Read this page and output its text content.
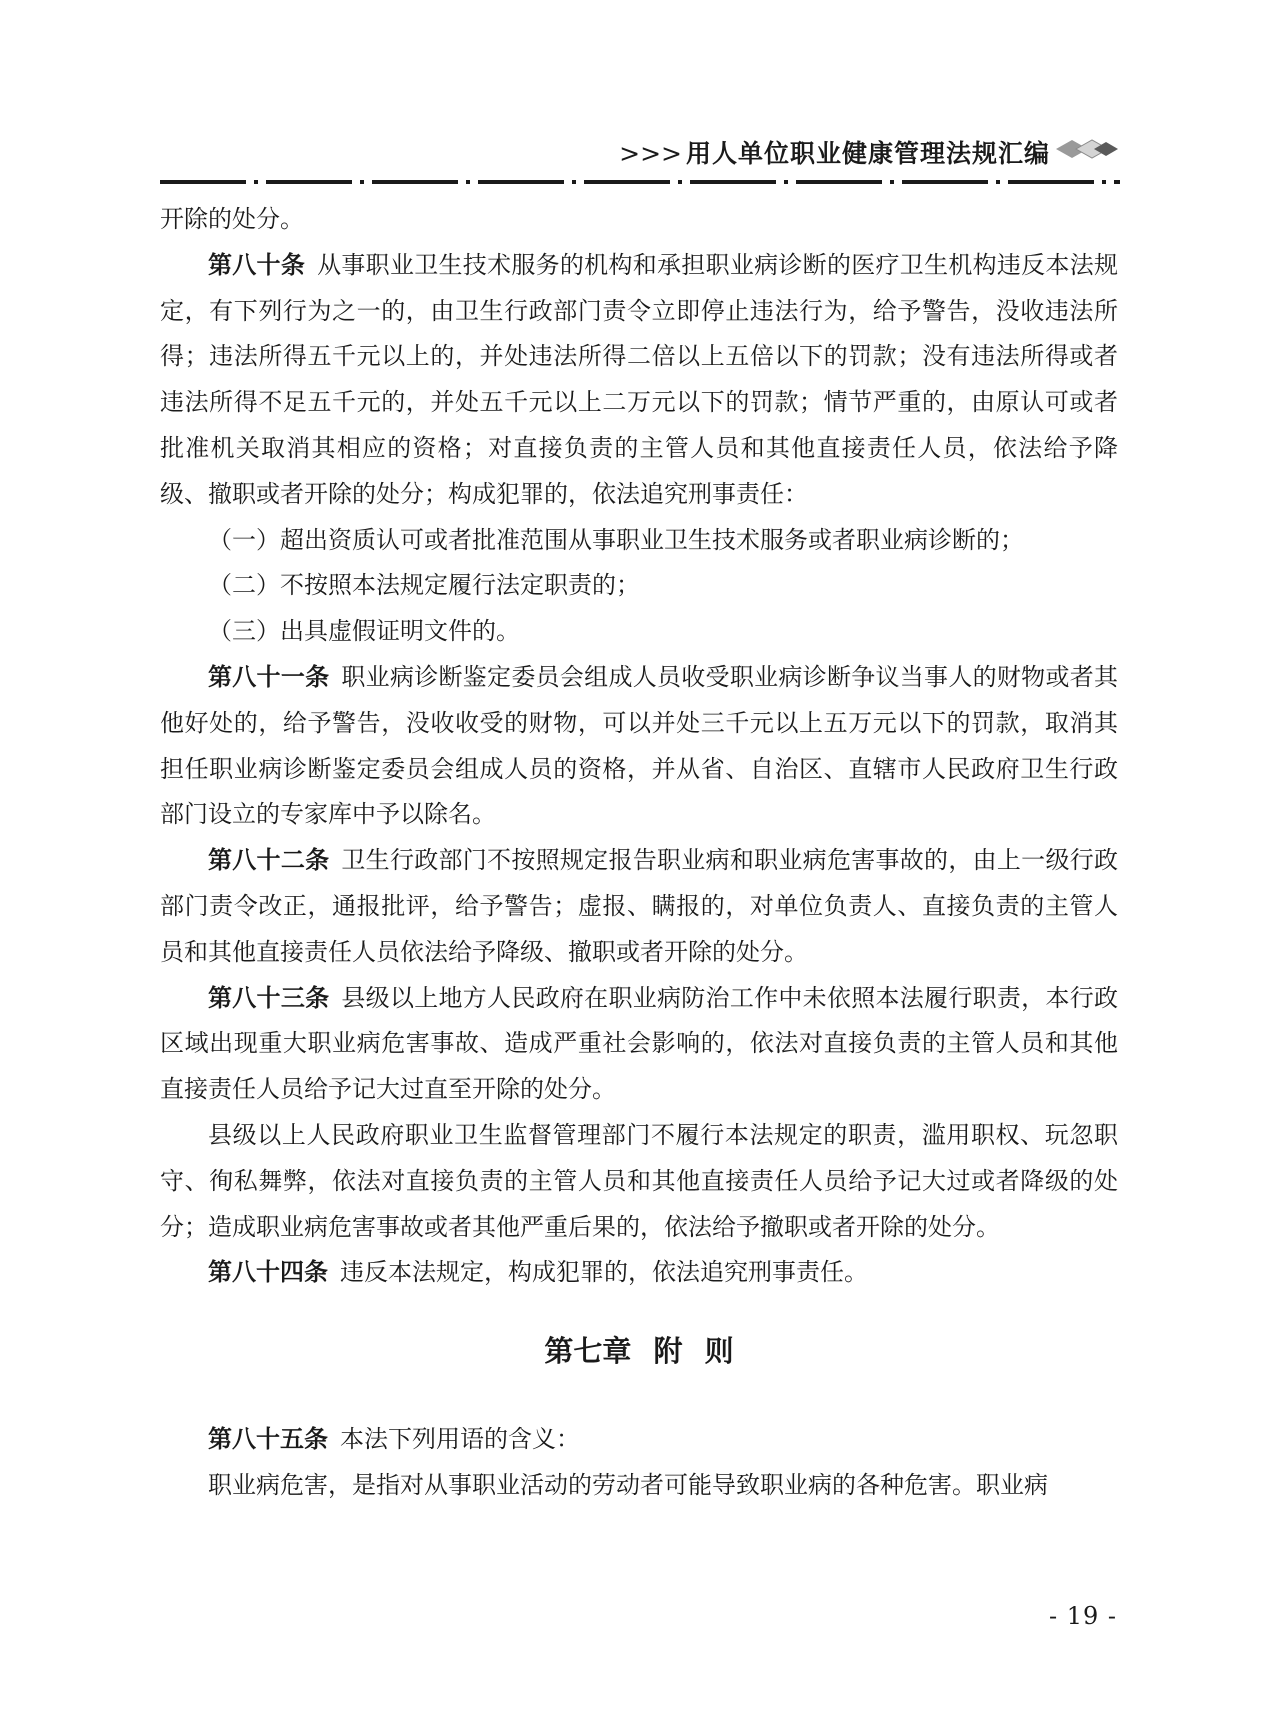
>>> 用人单位职业健康管理法规汇编

开除的处分。

第八十条 从事职业卫生技术服务的机构和承担职业病诊断的医疗卫生机构违反本法规定，有下列行为之一的，由卫生行政部门责令立即停止违法行为，给予警告，没收违法所得；违法所得五千元以上的，并处违法所得二倍以上五倍以下的罚款；没有违法所得或者违法所得不足五千元的，并处五千元以上二万元以下的罚款；情节严重的，由原认可或者批准机关取消其相应的资格；对直接负责的主管人员和其他直接责任人员，依法给予降级、撤职或者开除的处分；构成犯罪的，依法追究刑事责任：

（一）超出资质认可或者批准范围从事职业卫生技术服务或者职业病诊断的；

（二）不按照本法规定履行法定职责的；

（三）出具虚假证明文件的。

第八十一条 职业病诊断鉴定委员会组成人员收受职业病诊断争议当事人的财物或者其他好处的，给予警告，没收收受的财物，可以并处三千元以上五万元以下的罚款，取消其担任职业病诊断鉴定委员会组成人员的资格，并从省、自治区、直辖市人民政府卫生行政部门设立的专家库中予以除名。

第八十二条 卫生行政部门不按照规定报告职业病和职业病危害事故的，由上一级行政部门责令改正，通报批评，给予警告；虚报、瞒报的，对单位负责人、直接负责的主管人员和其他直接责任人员依法给予降级、撤职或者开除的处分。

第八十三条 县级以上地方人民政府在职业病防治工作中未依照本法履行职责，本行政区域出现重大职业病危害事故、造成严重社会影响的，依法对直接负责的主管人员和其他直接责任人员给予记大过直至开除的处分。

县级以上人民政府职业卫生监督管理部门不履行本法规定的职责，滥用职权、玩忽职守、徇私舞弊，依法对直接负责的主管人员和其他直接责任人员给予记大过或者降级的处分；造成职业病危害事故或者其他严重后果的，依法给予撤职或者开除的处分。

第八十四条 违反本法规定，构成犯罪的，依法追究刑事责任。

第七章 附 则

第八十五条 本法下列用语的含义：

职业病危害，是指对从事职业活动的劳动者可能导致职业病的各种危害。职业病

- 19 -
